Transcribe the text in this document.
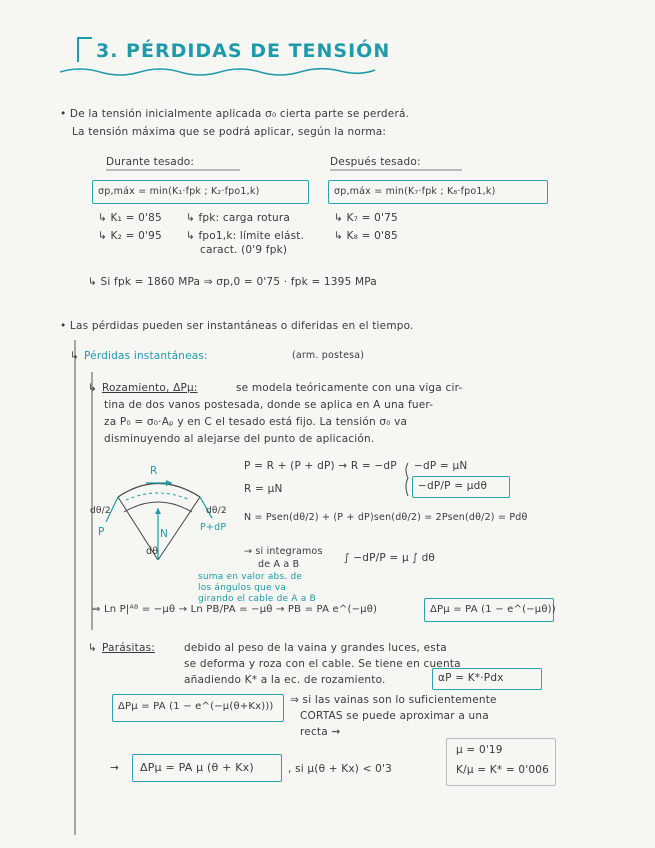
3. PÉRDIDAS DE TENSIÓN
• De la tensión inicialmente aplicada σ₀ cierta parte se perderá.
La tensión máxima que se podrá aplicar, según la norma:
Durante tesado:
σp,máx = min(K₁·fpk ; K₂·fpo1,k)
↳ K₁ = 0'85
↳ K₂ = 0'95
↳ fpk: carga rotura
↳ fpo1,k: límite elást.
caract. (0'9 fpk)
Después tesado:
σp,máx = min(K₇·fpk ; K₈·fpo1,k)
↳ K₇ = 0'75
↳ K₈ = 0'85
↳ Si fpk = 1860 MPa ⇒ σp,0 = 0'75 · fpk = 1395 MPa
• Las pérdidas pueden ser instantáneas o diferidas en el tiempo.
↳ Pérdidas instantáneas:	(arm. postesa)
↳ Rozamiento, ΔPμ:	se modela teóricamente con una viga cir-
tina de dos vanos postesada, donde se aplica en A una fuer-
za P₀ = σ₀·Aₚ y en C el tesado está fijo. La tensión σ₀ va
disminuyendo al alejarse del punto de aplicación.
R
N
P	P+dP
dθ
dθ/2	dθ/2
P = R + (P + dP) → R = −dP
R = μN
−dP = μN
−dP/P = μdθ
N = Psen(dθ/2) + (P + dP)sen(dθ/2) = 2Psen(dθ/2) = Pdθ
→ si integramos
de A a B
∫ −dP/P = μ ∫ dθ
suma en valor abs. de
los ángulos que va
girando el cable de A a B
⇒ Ln P|ᴬᴮ = −μθ → Ln PB/PA = −μθ → PB = PA e^(−μθ)	ΔPμ = PA (1 − e^(−μθ))
↳ Parásitas:	debido al peso de la vaina y grandes luces, esta
se deforma y roza con el cable. Se tiene en cuenta
añadiendo K* a la ec. de rozamiento.	αP = K*·Pdx
ΔPμ = PA (1 − e^(−μ(θ+Kx)))
⇒ si las vainas son lo suficientemente
CORTAS se puede aproximar a una
recta ⇝
→ ΔPμ = PA μ (θ + Kx)	, si μ(θ + Kx) < 0'3
μ = 0'19
K/μ = K* = 0'006
